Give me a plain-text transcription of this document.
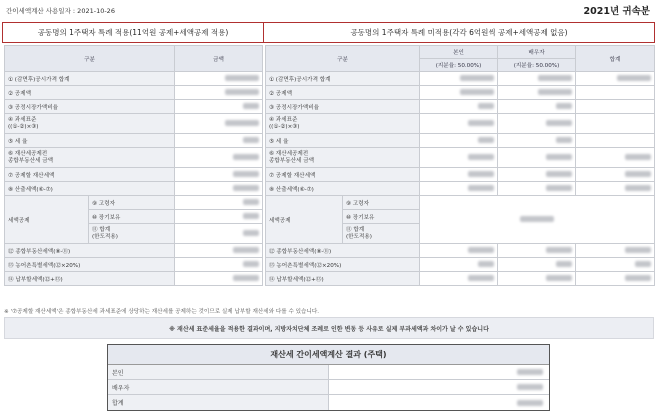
간이세액계산 사용일자 : 2021-10-26	2021년 귀속분
공동명의 1주택자 특례 적용(11억원 공제+세액공제 적용)	공동명의 1주택자 특례 미적용(각각 6억원씩 공제+세액공제 없음)
구분		금액
① (감면후)공시가격 합계		
② 공제액		
③ 공정시장가액비율		
④ 과세표준
((①-②)×③)		
⑤ 세 율		
⑥ 재산세공제전
종합부동산세 금액		
⑦ 공제할 재산세액		
⑧ 산출세액(⑥-⑦)		
세액공제	⑨ 고령자	
	⑩ 장기보유	
	⑪ 합계
(한도적용)	
⑫ 종합부동산세액(⑧-⑪)		
⑬ 농어촌특별세액(⑫×20%)		
⑭ 납부할세액(⑫+⑬)		
구분		본인	배우자	합계
		(지분율: 50.00%)	(지분율: 50.00%)	
① (감면후)공시가격 합계				
② 공제액				
③ 공정시장가액비율				
④ 과세표준
((①-②)×③)				
⑤ 세 율				
⑥ 재산세공제전
종합부동산세 금액				
⑦ 공제할 재산세액				
⑧ 산출세액(⑥-⑦)				
세액공제	⑨ 고령자			
	⑩ 장기보유			
	⑪ 합계
(한도적용)			
⑫ 종합부동산세액(⑧-⑪)				
⑬ 농어촌특별세액(⑫×20%)				
⑭ 납부할세액(⑫+⑬)				
※ '⑦공제할 재산세액'은 종합부동산세 과세표준에 상당하는 재산세를 공제하는 것이므로 실제 납부할 재산세와 다를 수 있습니다.
※ 재산세 표준세율을 적용한 결과이며, 지방자치단체 조례로 인한 변동 등 사유로 실제 부과세액과 차이가 날 수 있습니다
재산세 간이세액계산 결과 (주택)
본인
배우자
합계
